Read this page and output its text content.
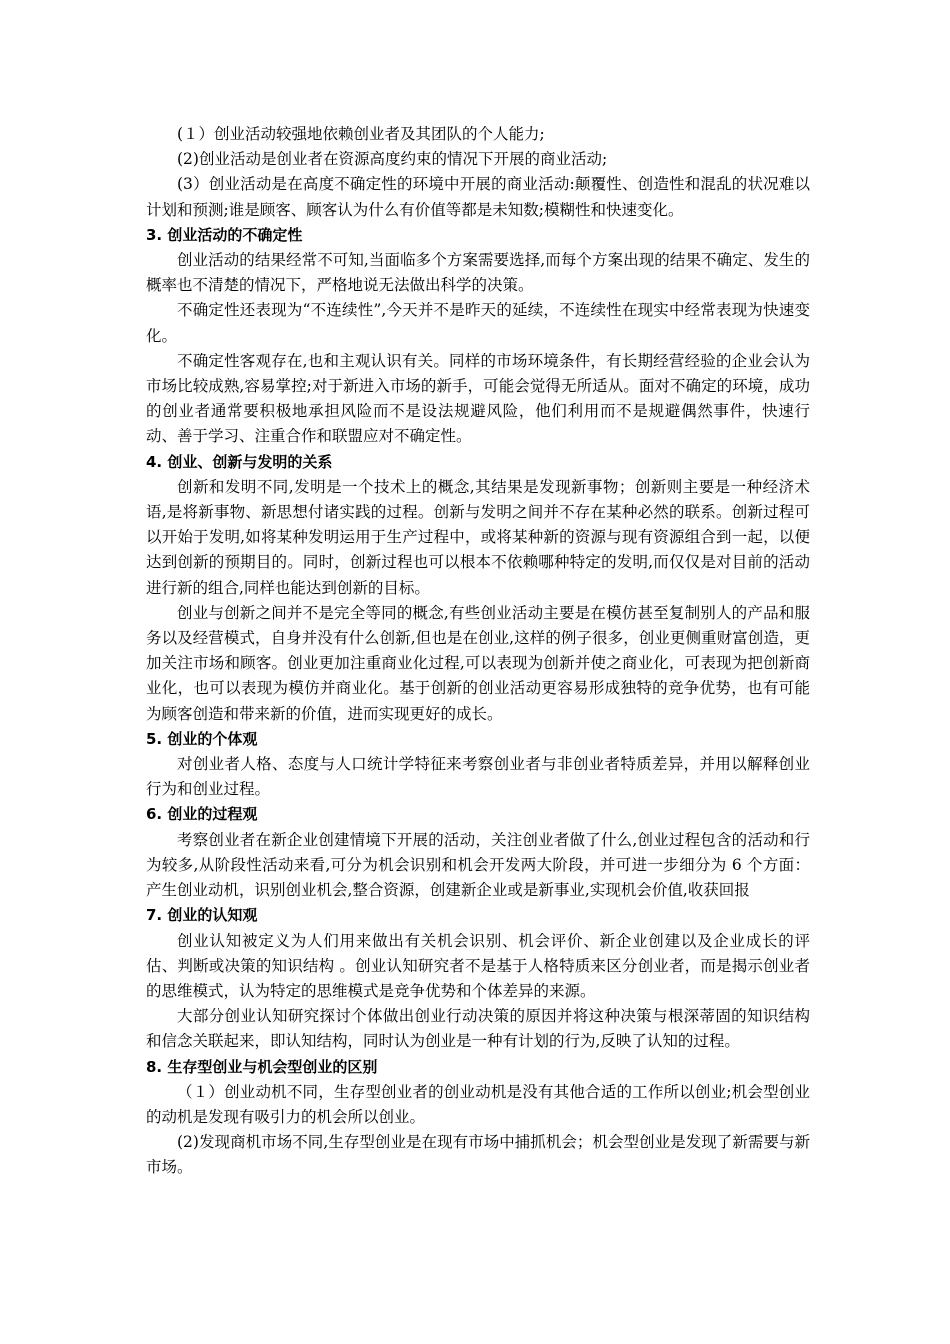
(１）创业活动较强地依赖创业者及其团队的个人能力;

(2)创业活动是创业者在资源高度约束的情况下开展的商业活动;

(3）创业活动是在高度不确定性的环境中开展的商业活动:颠覆性、创造性和混乱的状况难以计划和预测;谁是顾客、顾客认为什么有价值等都是未知数;模糊性和快速变化。

3. 创业活动的不确定性

创业活动的结果经常不可知,当面临多个方案需要选择,而每个方案出现的结果不确定、发生的概率也不清楚的情况下，严格地说无法做出科学的决策。

不确定性还表现为“不连续性”,今天并不是昨天的延续，不连续性在现实中经常表现为快速变化。

不确定性客观存在,也和主观认识有关。同样的市场环境条件，有长期经营经验的企业会认为市场比较成熟,容易掌控;对于新进入市场的新手，可能会觉得无所适从。面对不确定的环境，成功的创业者通常要积极地承担风险而不是设法规避风险，他们利用而不是规避偶然事件，快速行动、善于学习、注重合作和联盟应对不确定性。

4. 创业、创新与发明的关系

创新和发明不同,发明是一个技术上的概念,其结果是发现新事物；创新则主要是一种经济术语,是将新事物、新思想付诸实践的过程。创新与发明之间并不存在某种必然的联系。创新过程可以开始于发明,如将某种发明运用于生产过程中，或将某种新的资源与现有资源组合到一起，以便达到创新的预期目的。同时，创新过程也可以根本不依赖哪种特定的发明,而仅仅是对目前的活动进行新的组合,同样也能达到创新的目标。

创业与创新之间并不是完全等同的概念,有些创业活动主要是在模仿甚至复制别人的产品和服务以及经营模式，自身并没有什么创新,但也是在创业,这样的例子很多，创业更侧重财富创造，更加关注市场和顾客。创业更加注重商业化过程,可以表现为创新并使之商业化，可表现为把创新商业化，也可以表现为模仿并商业化。基于创新的创业活动更容易形成独特的竞争优势，也有可能为顾客创造和带来新的价值，进而实现更好的成长。

5. 创业的个体观

对创业者人格、态度与人口统计学特征来考察创业者与非创业者特质差异，并用以解释创业行为和创业过程。

6. 创业的过程观

考察创业者在新企业创建情境下开展的活动，关注创业者做了什么,创业过程包含的活动和行为较多,从阶段性活动来看,可分为机会识别和机会开发两大阶段，并可进一步细分为 6 个方面：产生创业动机，识别创业机会,整合资源，创建新企业或是新事业,实现机会价值,收获回报

7. 创业的认知观

创业认知被定义为人们用来做出有关机会识别、机会评价、新企业创建以及企业成长的评估、判断或决策的知识结构 。创业认知研究者不是基于人格特质来区分创业者，而是揭示创业者的思维模式，认为特定的思维模式是竞争优势和个体差异的来源。

大部分创业认知研究探讨个体做出创业行动决策的原因并将这种决策与根深蒂固的知识结构和信念关联起来，即认知结构，同时认为创业是一种有计划的行为,反映了认知的过程。

8. 生存型创业与机会型创业的区别

（１）创业动机不同，生存型创业者的创业动机是没有其他合适的工作所以创业;机会型创业的动机是发现有吸引力的机会所以创业。

(2)发现商机市场不同,生存型创业是在现有市场中捕抓机会；机会型创业是发现了新需要与新市场。
